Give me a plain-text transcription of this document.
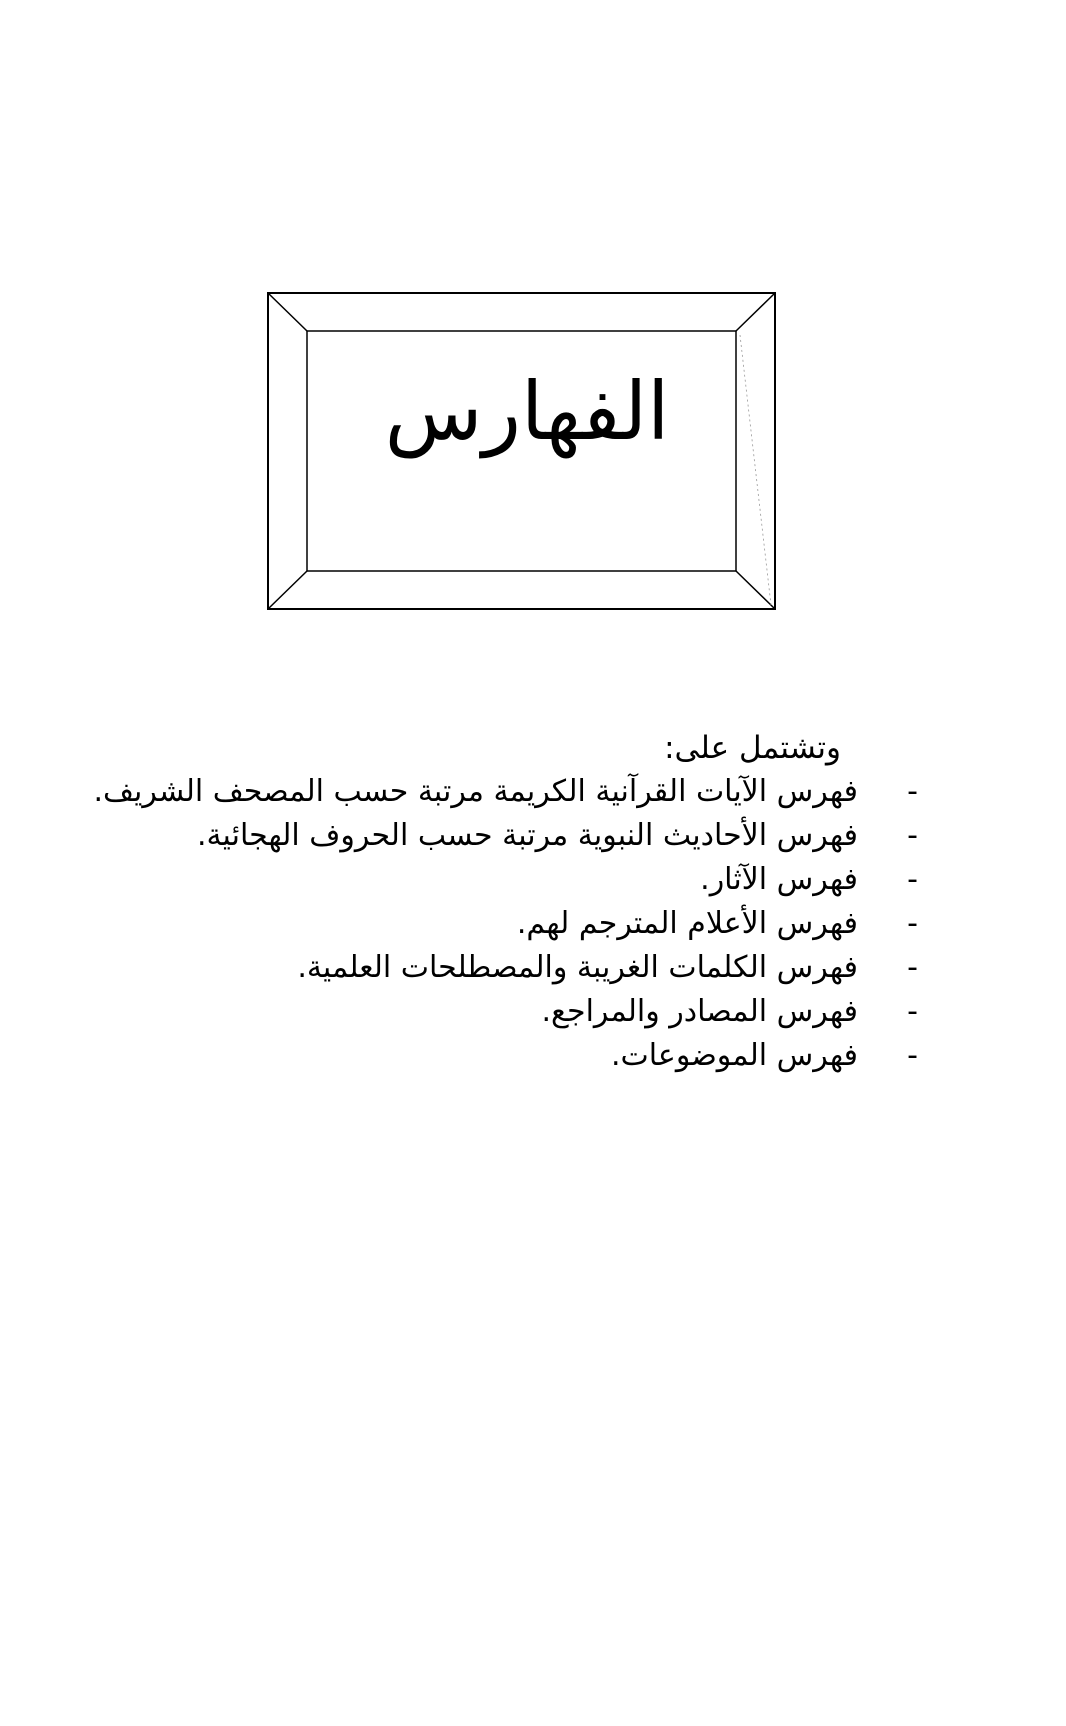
الفهارس
وتشتمل على:
-
فهرس الآيات القرآنية الكريمة مرتبة حسب المصحف الشريف.
-
فهرس الأحاديث النبوية مرتبة حسب الحروف الهجائية.
-
فهرس الآثار.
-
فهرس الأعلام المترجم لهم.
-
فهرس الكلمات الغريبة والمصطلحات العلمية.
-
فهرس المصادر والمراجع.
-
فهرس الموضوعات.
